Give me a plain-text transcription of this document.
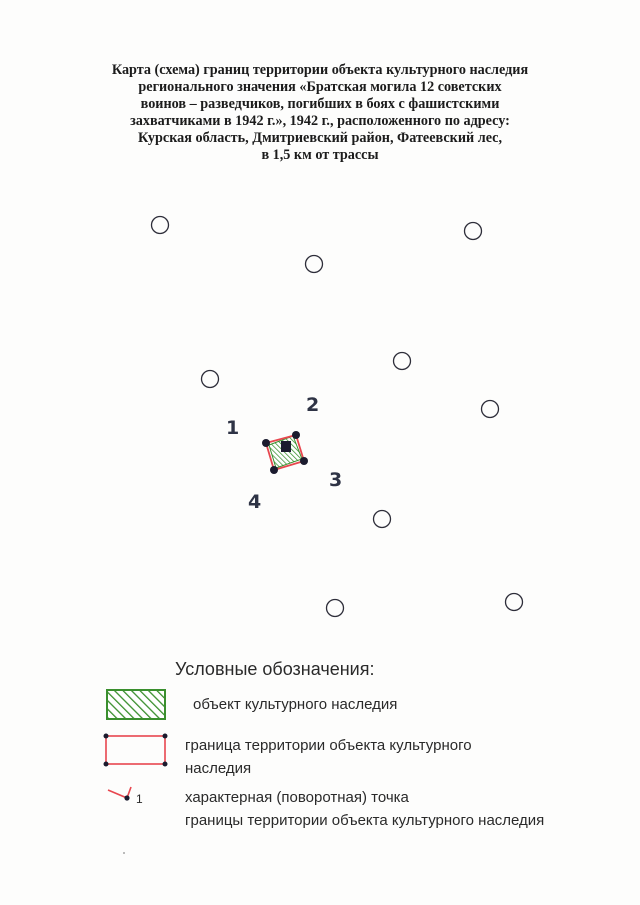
Карта (схема) границ территории объекта культурного наследия
регионального значения «Братская могила 12 советских
воинов – разведчиков, погибших в боях с фашистскими
захватчиками в 1942 г.», 1942 г., расположенного по адресу:
Курская область, Дмитриевский район, Фатеевский лес,
в 1,5 км от трассы
1
2
3
4
1
Условные обозначения:
объект культурного наследия
граница территории объекта культурного
наследия
характерная (поворотная) точка
границы территории объекта культурного наследия
